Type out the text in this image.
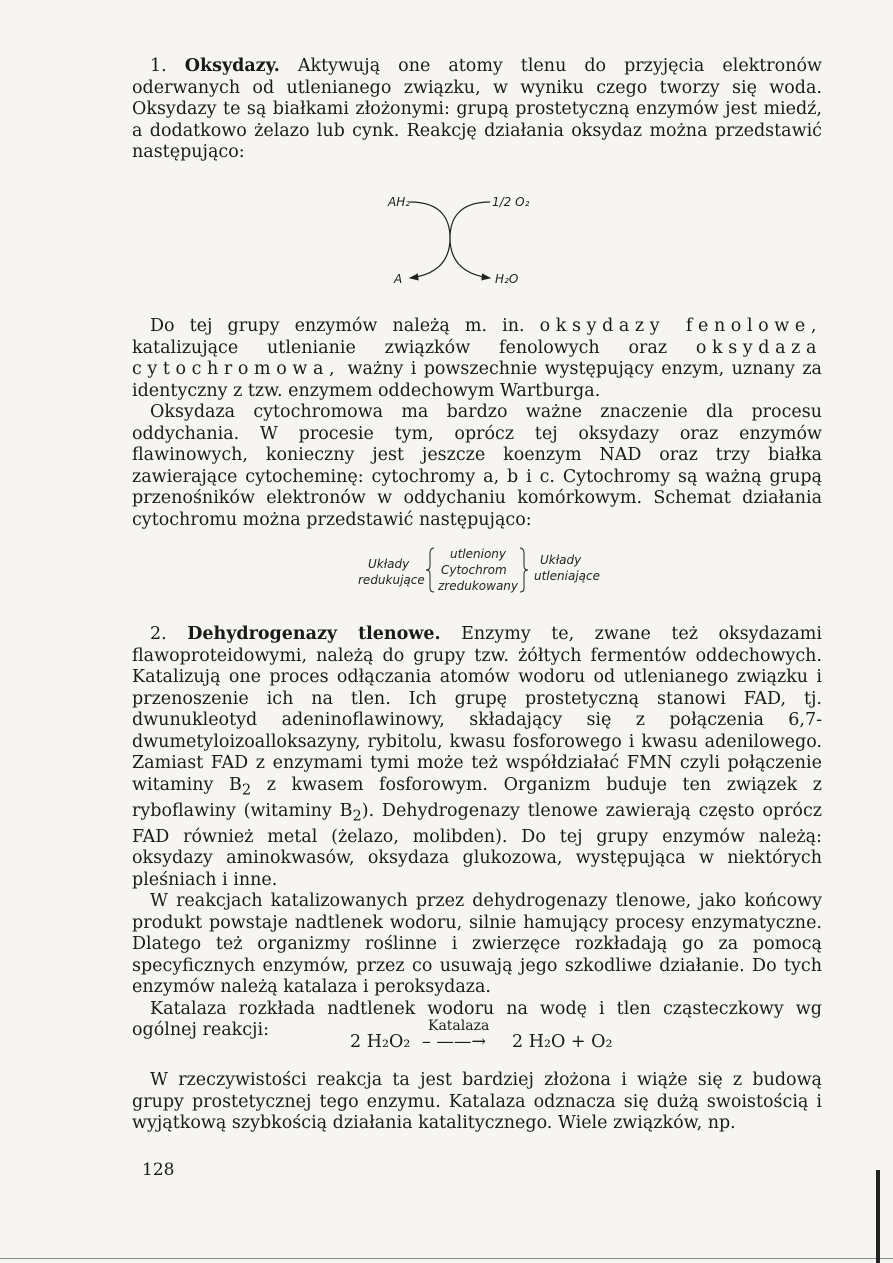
1. Oksydazy. Aktywują one atomy tlenu do przyjęcia elektronów oderwanych od utlenianego związku, w wyniku czego tworzy się woda. Oksydazy te są białkami złożonymi: grupą prostetyczną enzymów jest miedź, a dodatkowo żelazo lub cynk. Reakcję działania oksydaz można przedstawić następująco:

AH₂	1/2 O₂
A	H₂O

Do tej grupy enzymów należą m. in. oksydazy fenolowe, katalizujące utlenianie związków fenolowych oraz oksydaza cytochromowa, ważny i powszechnie występujący enzym, uznany za identyczny z tzw. enzymem oddechowym Wartburga.

Oksydaza cytochromowa ma bardzo ważne znaczenie dla procesu oddychania. W procesie tym, oprócz tej oksydazy oraz enzymów flawinowych, konieczny jest jeszcze koenzym NAD oraz trzy białka zawierające cytocheminę: cytochromy a, b i c. Cytochromy są ważną grupą przenośników elektronów w oddychaniu komórkowym. Schemat działania cytochromu można przedstawić następująco:

Układy
redukujące
utleniony
Cytochrom
zredukowany
Układy
utleniające

2. Dehydrogenazy tlenowe. Enzymy te, zwane też oksydazami flawoproteidowymi, należą do grupy tzw. żółtych fermentów oddechowych. Katalizują one proces odłączania atomów wodoru od utlenianego związku i przenoszenie ich na tlen. Ich grupę prostetyczną stanowi FAD, tj. dwunukleotyd adeninoflawinowy, składający się z połączenia 6,7-dwumetyloizoalloksazyny, rybitolu, kwasu fosforowego i kwasu adenilowego. Zamiast FAD z enzymami tymi może też współdziałać FMN czyli połączenie witaminy $B_2$ z kwasem fosforowym. Organizm buduje ten związek z ryboflawiny (witaminy $B_2$). Dehydrogenazy tlenowe zawierają często oprócz FAD również metal (żelazo, molibden). Do tej grupy enzymów należą: oksydazy aminokwasów, oksydaza glukozowa, występująca w niektórych pleśniach i inne.

W reakcjach katalizowanych przez dehydrogenazy tlenowe, jako końcowy produkt powstaje nadtlenek wodoru, silnie hamujący procesy enzymatyczne. Dlatego też organizmy roślinne i zwierzęce rozkładają go za pomocą specyficznych enzymów, przez co usuwają jego szkodliwe działanie. Do tych enzymów należą katalaza i peroksydaza.

Katalaza rozkłada nadtlenek wodoru na wodę i tlen cząsteczkowy wg ogólnej reakcji:

2 H₂O₂
Katalaza
– ——→ 2 H₂O + O₂

W rzeczywistości reakcja ta jest bardziej złożona i wiąże się z budową grupy prostetycznej tego enzymu. Katalaza odznacza się dużą swoistością i wyjątkową szybkością działania katalitycznego. Wiele związków, np.

128
